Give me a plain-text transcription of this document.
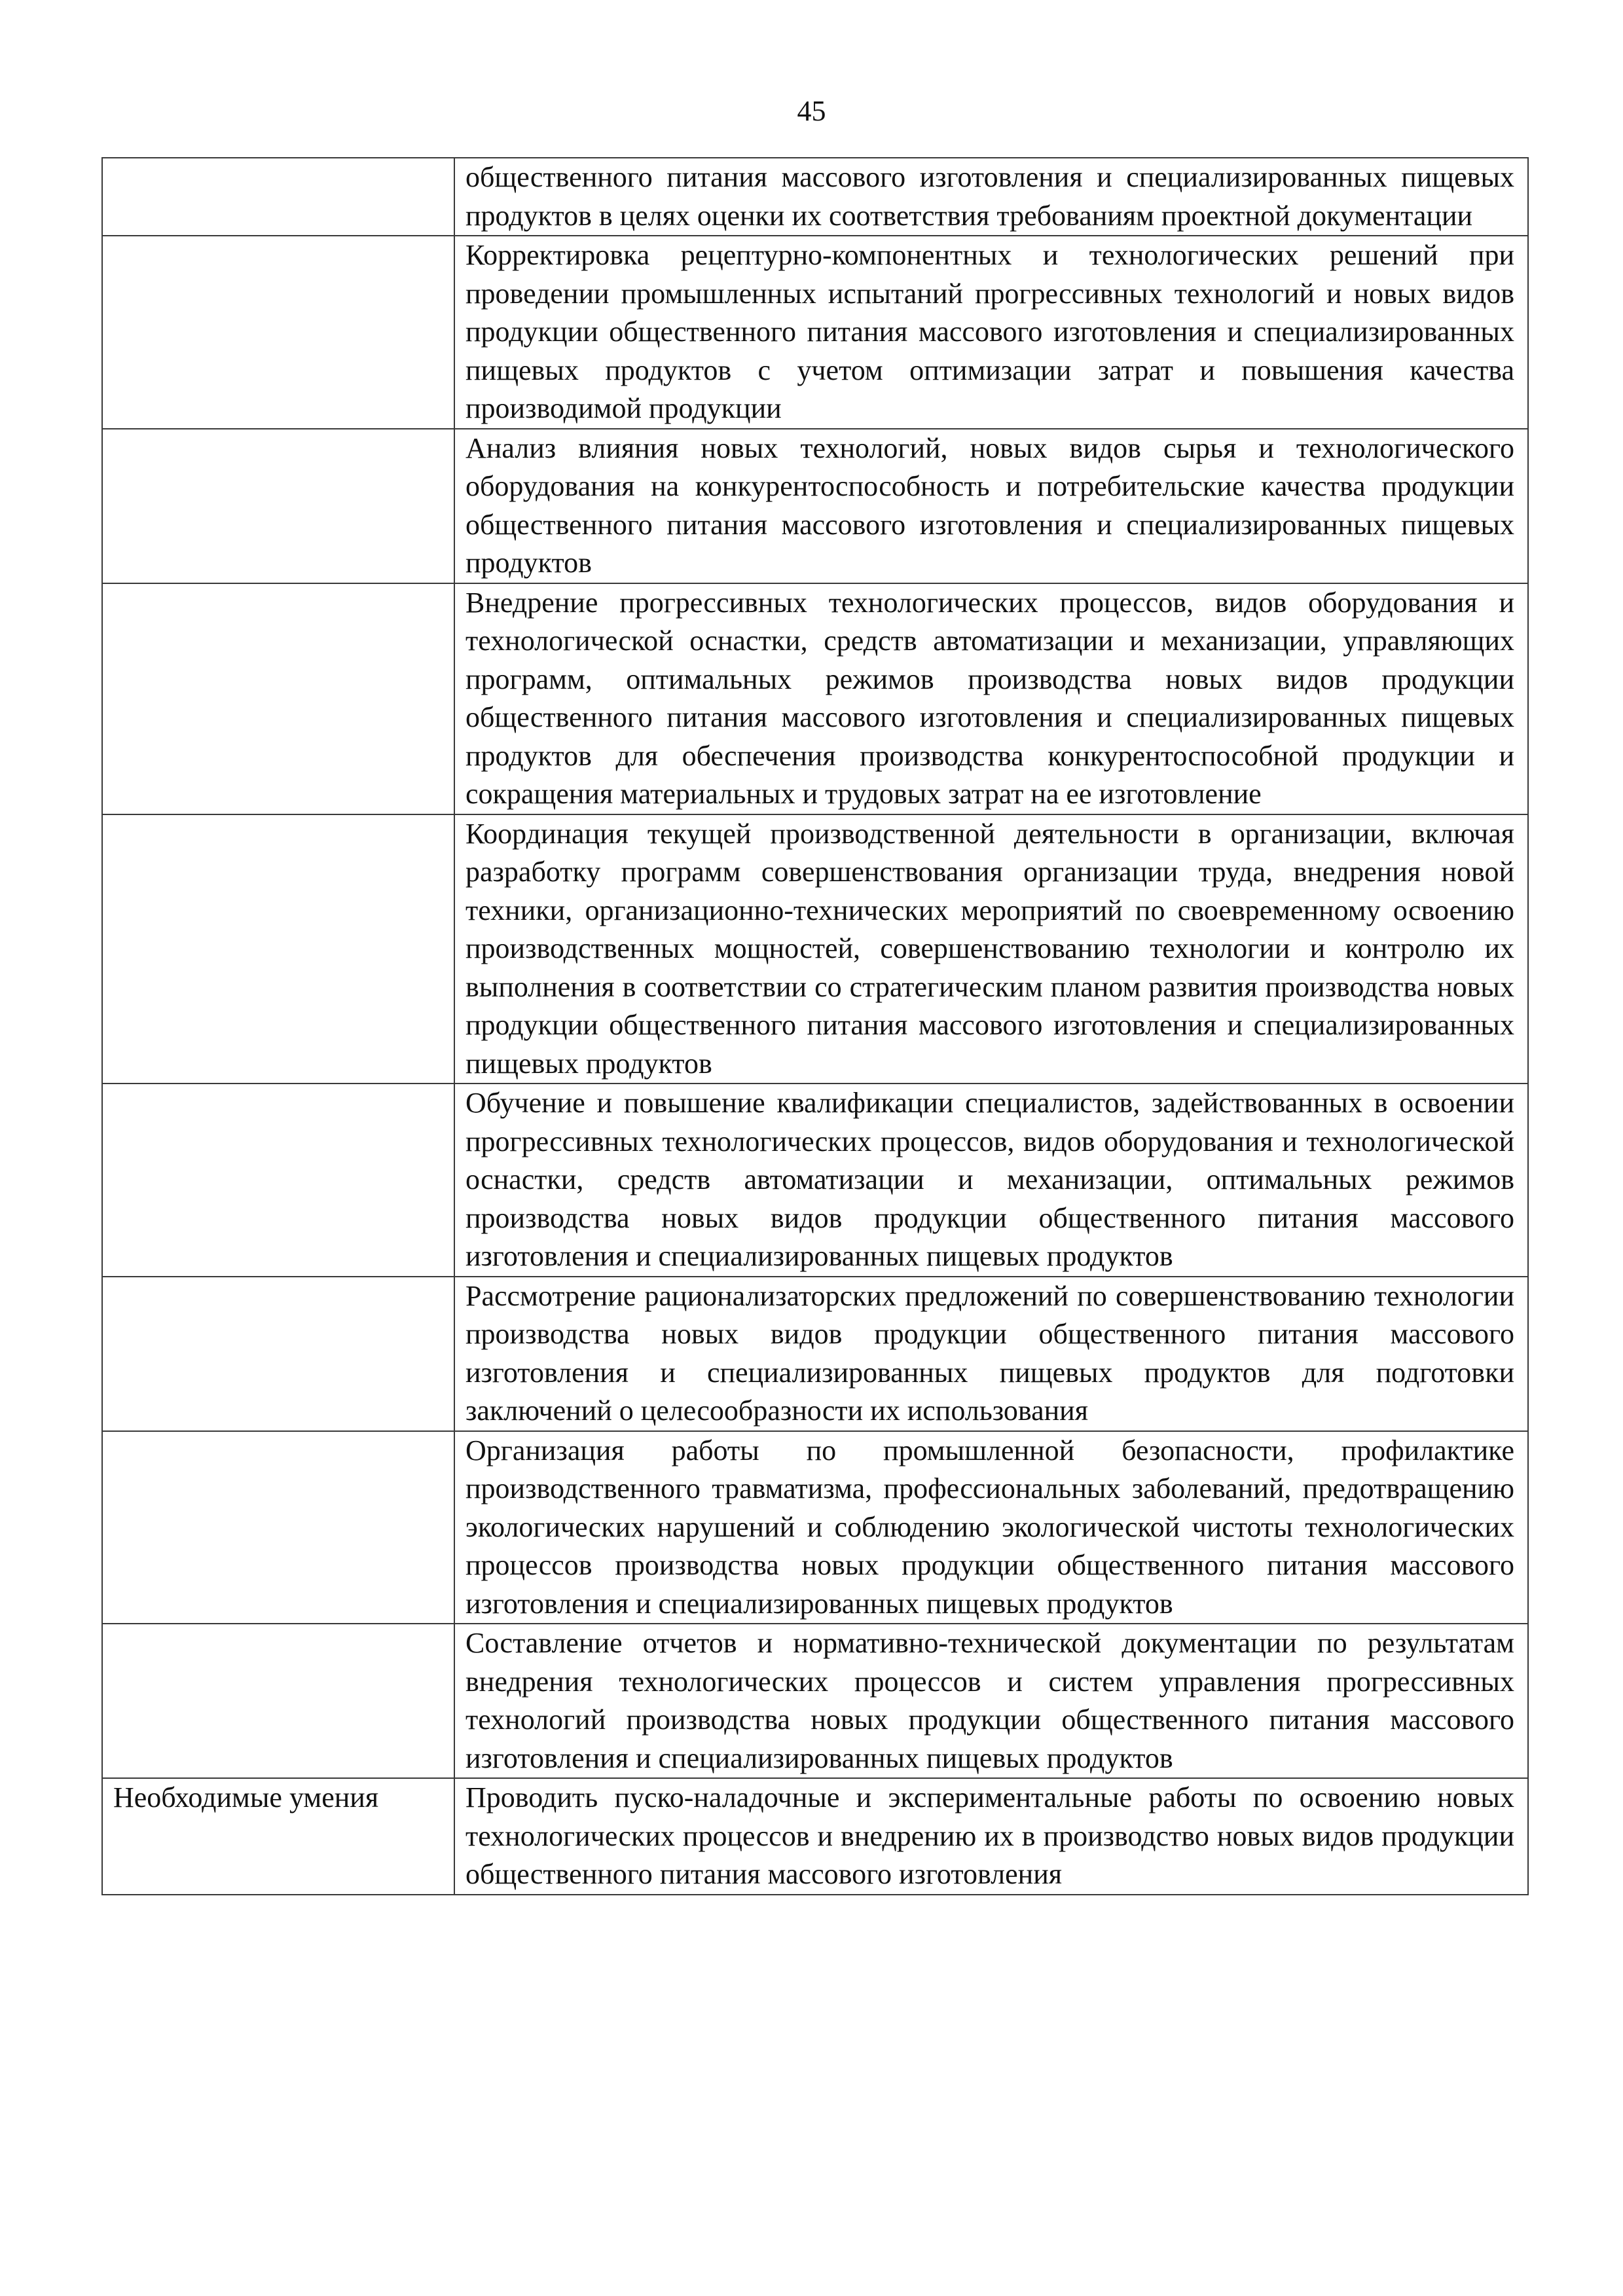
45
	общественного питания массового изготовления и специализированных пищевых продуктов в целях оценки их соответствия требованиям проектной документации
	Корректировка рецептурно-компонентных и технологических решений при проведении промышленных испытаний прогрессивных технологий и новых видов продукции общественного питания массового изготовления и специализированных пищевых продуктов с учетом оптимизации затрат и повышения качества производимой продукции
	Анализ влияния новых технологий, новых видов сырья и технологического оборудования на конкурентоспособность и потребительские качества продукции общественного питания массового изготовления и специализированных пищевых продуктов
	Внедрение прогрессивных технологических процессов, видов оборудования и технологической оснастки, средств автоматизации и механизации, управляющих программ, оптимальных режимов производства новых видов продукции общественного питания массового изготовления и специализированных пищевых продуктов для обеспечения производства конкурентоспособной продукции и сокращения материальных и трудовых затрат на ее изготовление
	Координация текущей производственной деятельности в организации, включая разработку программ совершенствования организации труда, внедрения новой техники, организационно-технических мероприятий по своевременному освоению производственных мощностей, совершенствованию технологии и контролю их выполнения в соответствии со стратегическим планом развития производства новых продукции общественного питания массового изготовления и специализированных пищевых продуктов
	Обучение и повышение квалификации специалистов, задействованных в освоении прогрессивных технологических процессов, видов оборудования и технологической оснастки, средств автоматизации и механизации, оптимальных режимов производства новых видов продукции общественного питания массового изготовления и специализированных пищевых продуктов
	Рассмотрение рационализаторских предложений по совершенствованию технологии производства новых видов продукции общественного питания массового изготовления и специализированных пищевых продуктов для подготовки заключений о целесообразности их использования
	Организация работы по промышленной безопасности, профилактике производственного травматизма, профессиональных заболеваний, предотвращению экологических нарушений и соблюдению экологической чистоты технологических процессов производства новых продукции общественного питания массового изготовления и специализированных пищевых продуктов
	Составление отчетов и нормативно-технической документации по результатам внедрения технологических процессов и систем управления прогрессивных технологий производства новых продукции общественного питания массового изготовления и специализированных пищевых продуктов
Необходимые умения	Проводить пуско-наладочные и экспериментальные работы по освоению новых технологических процессов и внедрению их в производство новых видов продукции общественного питания массового изготовления
